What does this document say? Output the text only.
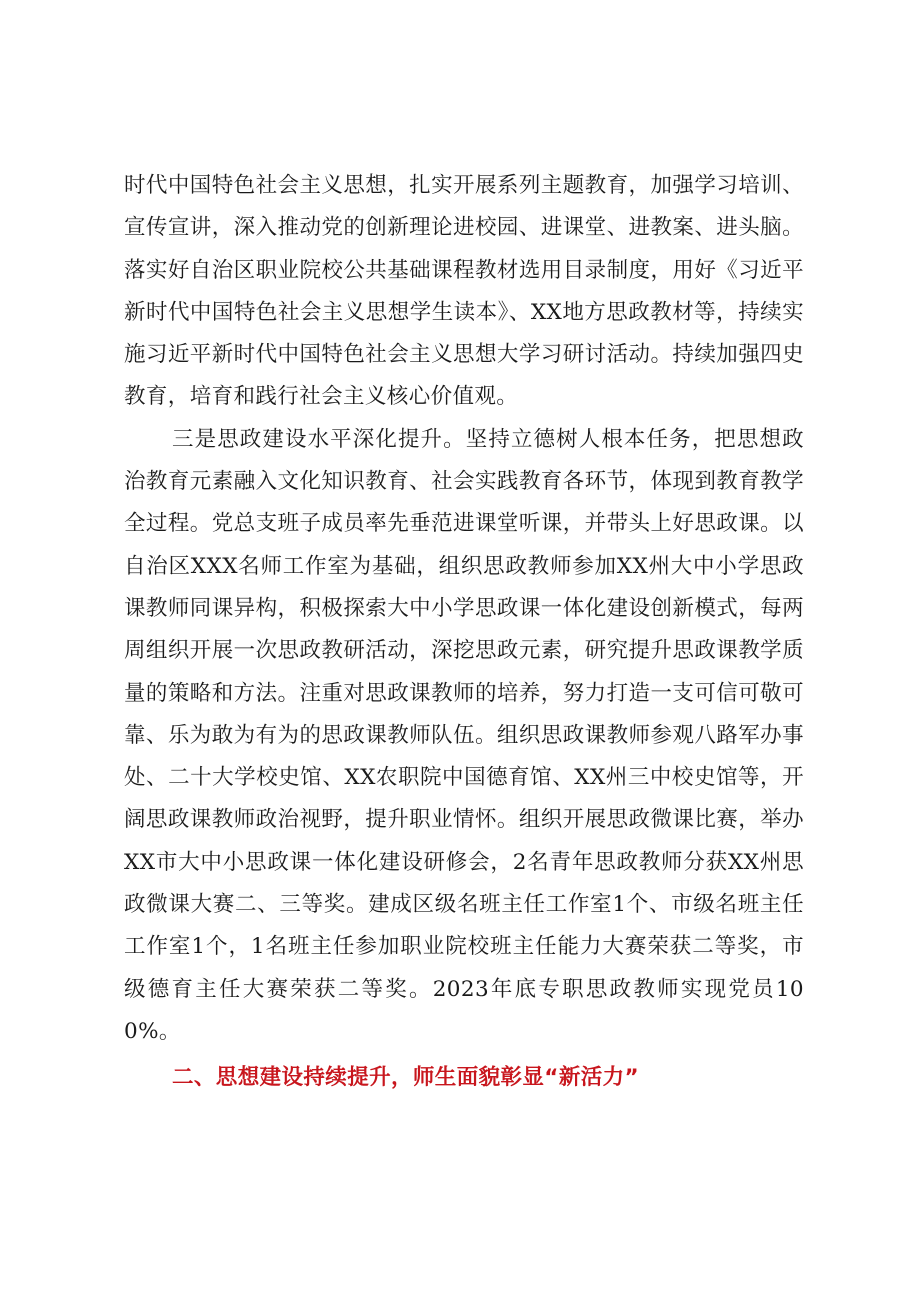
时代中国特色社会主义思想，扎实开展系列主题教育，加强学习培训、宣传宣讲，深入推动党的创新理论进校园、进课堂、进教案、进头脑。落实好自治区职业院校公共基础课程教材选用目录制度，用好《习近平新时代中国特色社会主义思想学生读本》、XX地方思政教材等，持续实施习近平新时代中国特色社会主义思想大学习研讨活动。持续加强四史教育，培育和践行社会主义核心价值观。

三是思政建设水平深化提升。坚持立德树人根本任务，把思想政治教育元素融入文化知识教育、社会实践教育各环节，体现到教育教学全过程。党总支班子成员率先垂范进课堂听课，并带头上好思政课。以自治区XXX名师工作室为基础，组织思政教师参加XX州大中小学思政课教师同课异构，积极探索大中小学思政课一体化建设创新模式，每两周组织开展一次思政教研活动，深挖思政元素，研究提升思政课教学质量的策略和方法。注重对思政课教师的培养，努力打造一支可信可敬可靠、乐为敢为有为的思政课教师队伍。组织思政课教师参观八路军办事处、二十大学校史馆、XX农职院中国德育馆、XX州三中校史馆等，开阔思政课教师政治视野，提升职业情怀。组织开展思政微课比赛，举办XX市大中小思政课一体化建设研修会，2名青年思政教师分获XX州思政微课大赛二、三等奖。建成区级名班主任工作室1个、市级名班主任工作室1个，1名班主任参加职业院校班主任能力大赛荣获二等奖，市级德育主任大赛荣获二等奖。2023年底专职思政教师实现党员100%。

二、思想建设持续提升，师生面貌彰显“新活力”
